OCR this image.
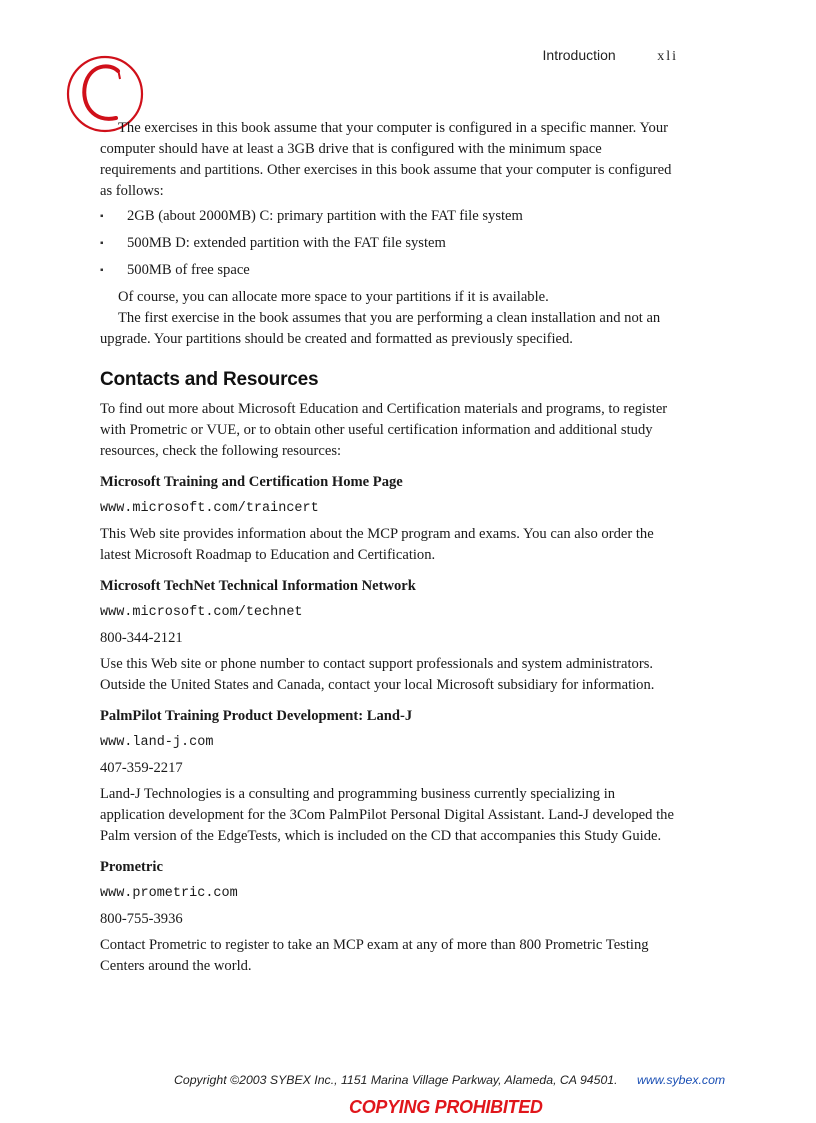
Introduction	xli

The exercises in this book assume that your computer is configured in a specific manner. Your computer should have at least a 3GB drive that is configured with the minimum space requirements and partitions. Other exercises in this book assume that your computer is configured as follows:

▪ 2GB (about 2000MB) C: primary partition with the FAT file system
▪ 500MB D: extended partition with the FAT file system
▪ 500MB of free space

Of course, you can allocate more space to your partitions if it is available.

The first exercise in the book assumes that you are performing a clean installation and not an upgrade. Your partitions should be created and formatted as previously specified.

Contacts and Resources

To find out more about Microsoft Education and Certification materials and programs, to register with Prometric or VUE, or to obtain other useful certification information and additional study resources, check the following resources:

Microsoft Training and Certification Home Page
www.microsoft.com/traincert

This Web site provides information about the MCP program and exams. You can also order the latest Microsoft Roadmap to Education and Certification.

Microsoft TechNet Technical Information Network
www.microsoft.com/technet
800-344-2121

Use this Web site or phone number to contact support professionals and system administrators. Outside the United States and Canada, contact your local Microsoft subsidiary for information.

PalmPilot Training Product Development: Land-J
www.land-j.com
407-359-2217

Land-J Technologies is a consulting and programming business currently specializing in application development for the 3Com PalmPilot Personal Digital Assistant. Land-J developed the Palm version of the EdgeTests, which is included on the CD that accompanies this Study Guide.

Prometric
www.prometric.com
800-755-3936

Contact Prometric to register to take an MCP exam at any of more than 800 Prometric Testing Centers around the world.

Copyright ©2003 SYBEX Inc., 1151 Marina Village Parkway, Alameda, CA 94501. www.sybex.com
COPYING PROHIBITED
